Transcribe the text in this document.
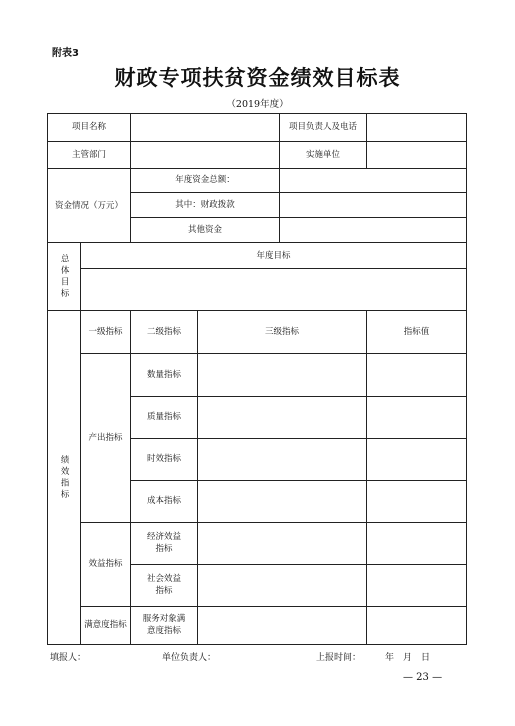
附表3
财政专项扶贫资金绩效目标表
（2019年度）
项目名称				项目负责人及电话	
主管部门				实施单位	
资金情况（万元）		年度资金总额：			
		其中：财政拨款			
		其他资金			
总体目标	年度目标				

绩效指标	一级指标	二级指标	三级指标		指标值
	产出指标	数量指标			
		质量指标			
		时效指标			
		成本指标			
	效益指标	经济效益指标			
		社会效益指标			
	满意度指标	服务对象满意度指标			
填报人：	单位负责人：	上报时间：	年　月　日
— 23 —
